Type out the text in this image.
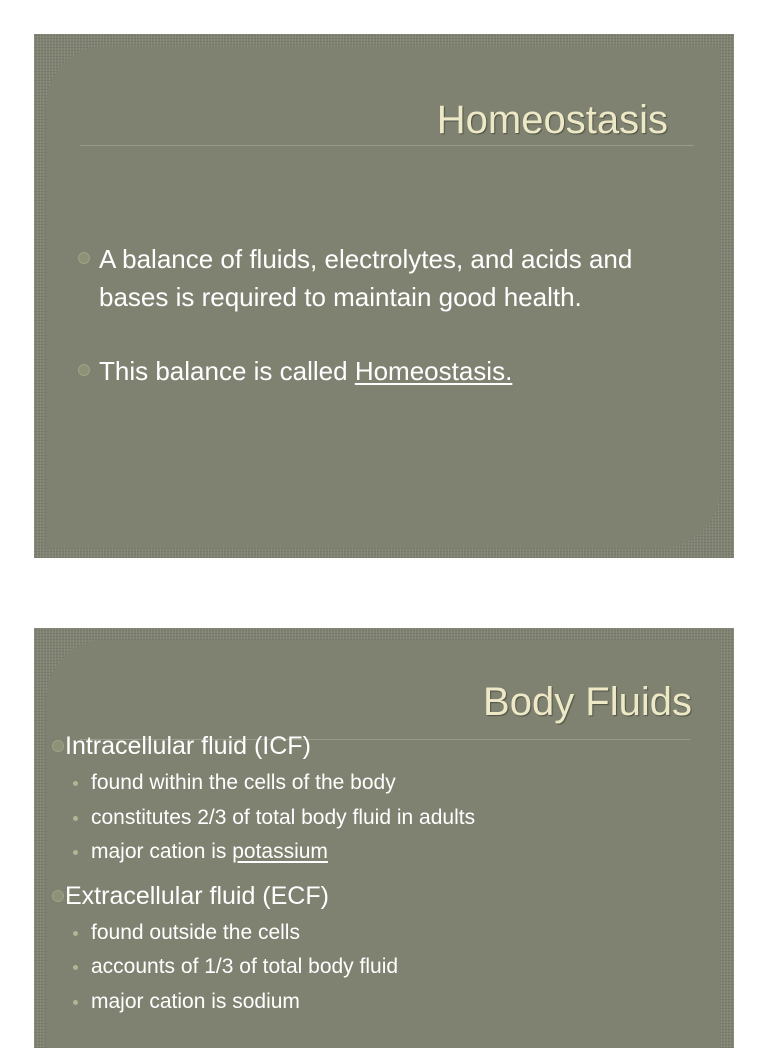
Homeostasis
A balance of fluids, electrolytes, and acids and bases is required to maintain good health.
This balance is called Homeostasis.
Body Fluids
Intracellular fluid (ICF)
found within the cells of the body
constitutes 2/3 of total body fluid in adults
major cation is potassium
Extracellular fluid (ECF)
found outside the cells
accounts of 1/3 of total body fluid
major cation is sodium
